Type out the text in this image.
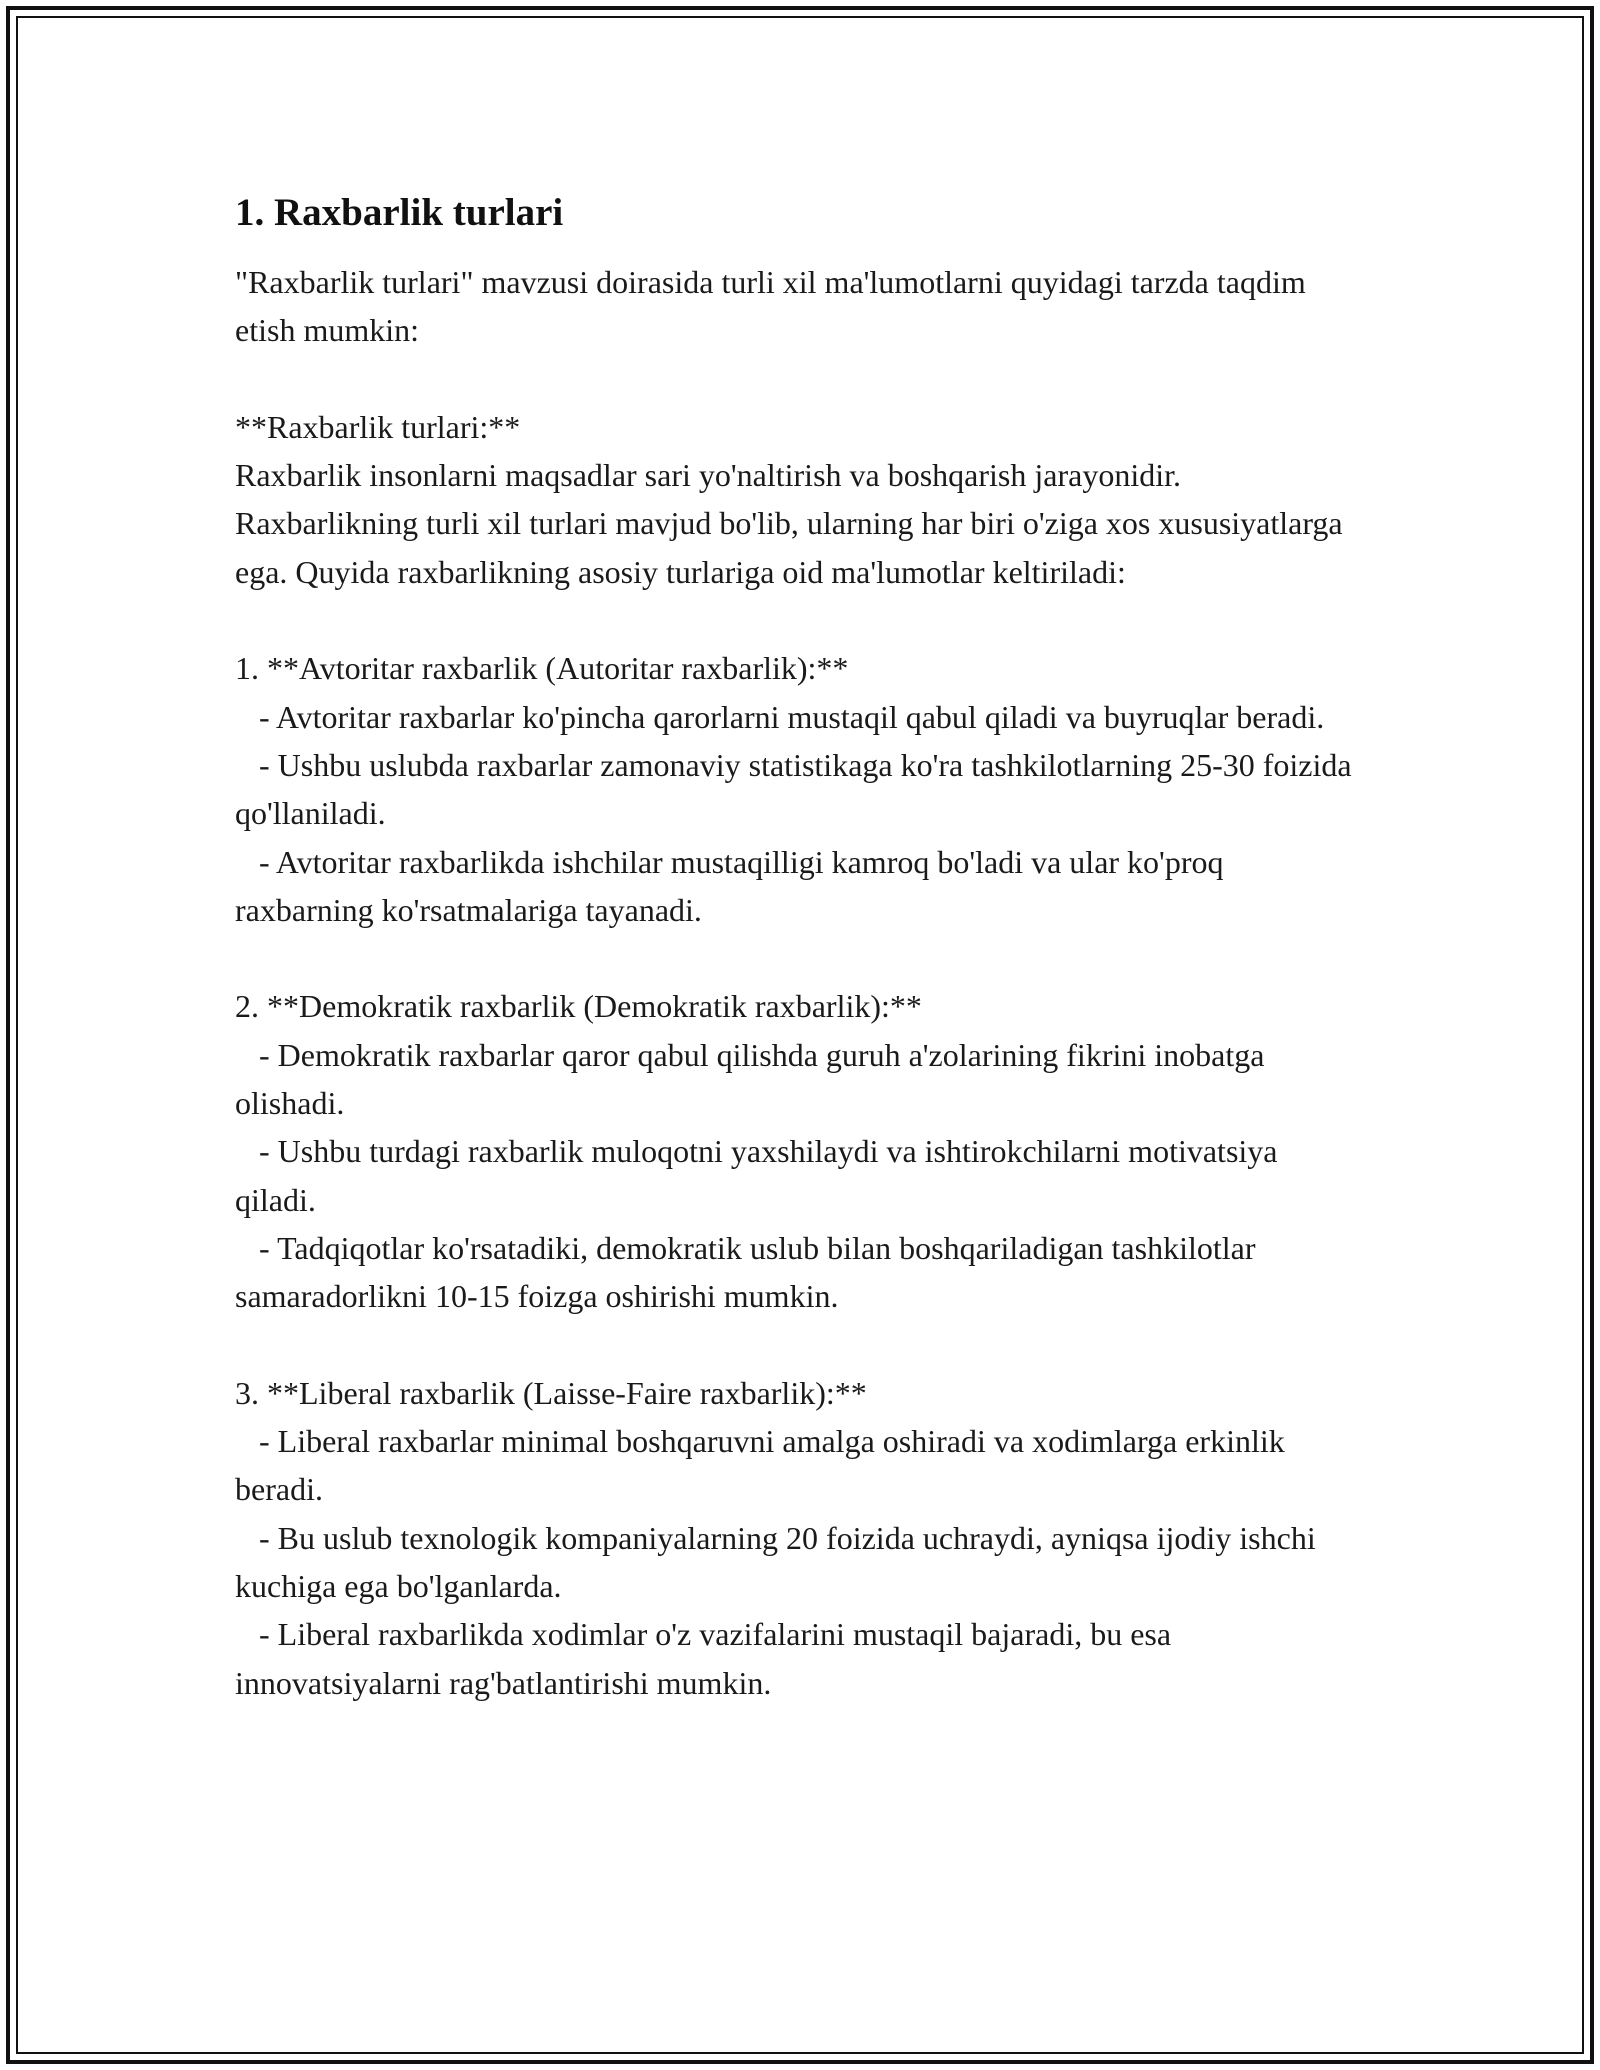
1. Raxbarlik turlari

"Raxbarlik turlari" mavzusi doirasida turli xil ma'lumotlarni quyidagi tarzda taqdim etish mumkin:

**Raxbarlik turlari:**

Raxbarlik insonlarni maqsadlar sari yo'naltirish va boshqarish jarayonidir. Raxbarlikning turli xil turlari mavjud bo'lib, ularning har biri o'ziga xos xususiyatlarga ega. Quyida raxbarlikning asosiy turlariga oid ma'lumotlar keltiriladi:

1. **Avtoritar raxbarlik (Autoritar raxbarlik):**

- Avtoritar raxbarlar ko'pincha qarorlarni mustaqil qabul qiladi va buyruqlar beradi.

- Ushbu uslubda raxbarlar zamonaviy statistikaga ko'ra tashkilotlarning 25-30 foizida qo'llaniladi.

- Avtoritar raxbarlikda ishchilar mustaqilligi kamroq bo'ladi va ular ko'proq raxbarning ko'rsatmalariga tayanadi.

2. **Demokratik raxbarlik (Demokratik raxbarlik):**

- Demokratik raxbarlar qaror qabul qilishda guruh a'zolarining fikrini inobatga olishadi.

- Ushbu turdagi raxbarlik muloqotni yaxshilaydi va ishtirokchilarni motivatsiya qiladi.

- Tadqiqotlar ko'rsatadiki, demokratik uslub bilan boshqariladigan tashkilotlar samaradorlikni 10-15 foizga oshirishi mumkin.

3. **Liberal raxbarlik (Laisse-Faire raxbarlik):**

- Liberal raxbarlar minimal boshqaruvni amalga oshiradi va xodimlarga erkinlik beradi.

- Bu uslub texnologik kompaniyalarning 20 foizida uchraydi, ayniqsa ijodiy ishchi kuchiga ega bo'lganlarda.

- Liberal raxbarlikda xodimlar o'z vazifalarini mustaqil bajaradi, bu esa innovatsiyalarni rag'batlantirishi mumkin.
